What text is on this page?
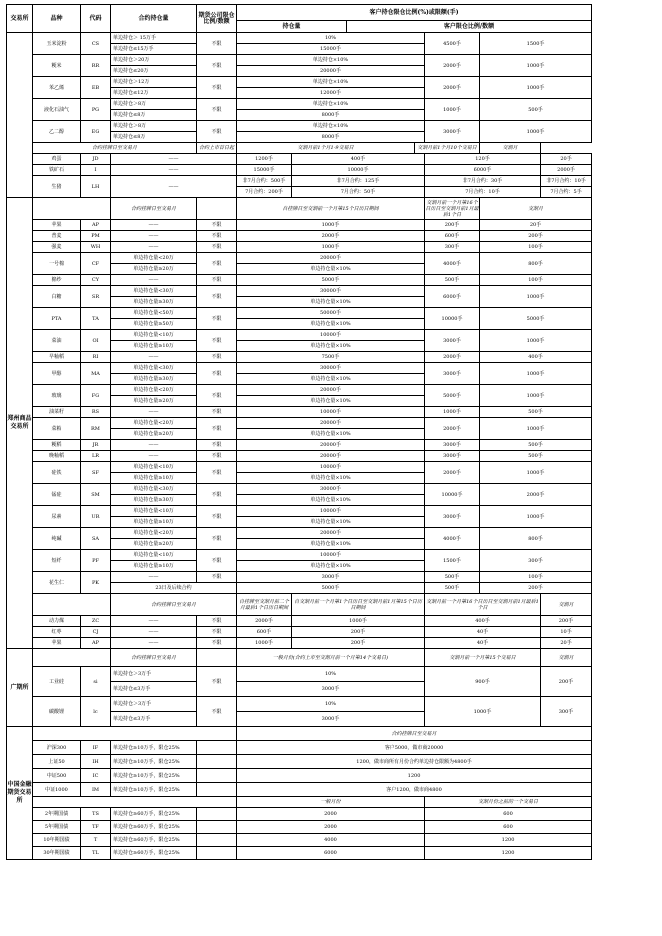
交易所	品种	代码	合约持仓量	期货公司限仓比例/数额	客户持仓限仓比例(%)或限额(手)						
					持仓量		客户限仓比例/数额				
	玉米淀粉	CS	单边持仓＞ 15万手	不限	10%				4500手	1500手	
			单边持仓≤15万手		15000手						
	粳米	RR	单边持仓＞20万	不限	单边持仓×10%				2000手	1000手	
			单边持仓≤20万		20000手						
	苯乙烯	EB	单边持仓＞12万	不限	单边持仓×10%				2000手	1000手	
			单边持仓≤12万		12000手						
	液化石油气	PG	单边持仓＞8万	不限	单边持仓×10%				1000手	500手	
			单边持仓≤8万		8000手						
	乙二醇	EG	单边持仓＞8万	不限	单边持仓×10%				3000手	1000手	
			单边持仓≤8万		8000手						
	合约挂牌日至交易月			合约上市首日起	交割月前1个月1-9交易日			交割月前1个月10个交易日		交割月	
	鸡蛋	JD	——		1200手	400手			120手		20手
	铁矿石	I	——		15000手	10000手			6000手		2000手
	生猪	LH	——		非7月合约：500手	非7月合约：125手			非7月合约：30手		非7月合约：10手
					7月合约：200手	7月合约：50手			7月合约：10手		7月合约：5手
郑州商品交易所			合约挂牌日至交易月		自挂牌日至交割前一个月第15个日历日期间				交割月前一个月第16个日历日至交割月前1月最后1个日	交割月	
	苹果	AP	——	不限	1000手				200手	20手	
	普麦	PM	——	不限	2000手				600手	200手	
	强麦	WH	——	不限	1000手				300手	100手	
	一号棉	CF	单边持仓量<20万	不限	20000手				4000手	800手	
			单边持仓量≥20万		单边持仓量×10%						
	棉纱	CY	——	不限	5000手				500手	100手	
	白糖	SR	单边持仓量<30万	不限	30000手				6000手	1000手	
			单边持仓量≥30万		单边持仓量×10%						
	PTA	TA	单边持仓量<50万	不限	50000手				10000手	5000手	
			单边持仓量≥50万		单边持仓量×10%						
	菜油	OI	单边持仓量<10万	不限	10000手				3000手	1000手	
			单边持仓量≥10万		单边持仓量×10%						
	早籼稻	RI	——	不限	7500手				2000手	400手	
	甲醇	MA	单边持仓量<30万	不限	30000手				3000手	1000手	
			单边持仓量≥30万		单边持仓量×10%						
	玻璃	FG	单边持仓量<20万	不限	20000手				5000手	1000手	
			单边持仓量≥20万		单边持仓量×10%						
	油菜籽	RS	——	不限	10000手				1000手	500手	
	菜粕	RM	单边持仓量<20万	不限	20000手				2000手	1000手	
			单边持仓量≥20万		单边持仓量×10%						
	粳稻	JR	——	不限	20000手				3000手	500手	
	晚籼稻	LR	——	不限	20000手				3000手	500手	
	硅铁	SF	单边持仓量<10万	不限	10000手				2000手	1000手	
			单边持仓量≥10万		单边持仓量×10%						
	锰硅	SM	单边持仓量<30万	不限	30000手				10000手	2000手	
			单边持仓量≥30万		单边持仓量×10%						
	尿素	UR	单边持仓量<10万	不限	10000手				3000手	1000手	
			单边持仓量≥10万		单边持仓量×10%						
	纯碱	SA	单边持仓量<20万	不限	20000手				4000手	800手	
			单边持仓量≥20万		单边持仓量×10%						
	短纤	PF	单边持仓量<10万	不限	10000手				1500手	300手	
			单边持仓量≥10万		单边持仓量×10%						
	花生仁	PK	——	不限	3000手				500手	100手	
			23日及后续合约		5000手				500手	200手	
			合约挂牌日至交易月		自挂牌至交割月前二个月最后1个日历日期间	自交割月前一个月第1个日历日至交割月前1月第15个日历日期间			交割月前一个月第16个日历日至交割月前1月最后1个日		交割月
	动力煤	ZC	——	不限	2000手	1000手			400手		200手
	红枣	CJ	——	不限	600手	200手			40手		10手
	苹果	AP	——	不限	1000手	200手			40手		20手
广期所			合约挂牌日至交易月		一般月份(合约上市至交割月前一个月第14个交易日)				交割月前一个月第15个交易日		交割月
	工业硅	si	单边持仓＞3万手	不限	10%				900手		200手
			单边持仓≤3万手		3000手						
	碳酸锂	lc	单边持仓＞3万手	不限	10%				1000手		300手
			单边持仓≤3万手		3000手						
中国金融期货交易所					合约挂牌日至交易月						
	沪深300	IF	单边持仓≥10万手，限仓25%		客户5000，做市商20000						
	上证50	IH	单边持仓≥10万手，限仓25%		1200，做市商所有月份合约单边持仓限额为4800手						
	中证500	IC	单边持仓≥10万手，限仓25%		1200						
	中证1000	IM	单边持仓≥10万手，限仓25%		客户1200，做市商4800						
					一般月份				交割月份之前的一个交易日		
	2年期国债	TS	单边持仓≥60万手，限仓25%		2000				600		
	5年期国债	TF	单边持仓≥60万手，限仓25%		2000				600		
	10年期国债	T	单边持仓≥60万手，限仓25%		4000				1200		
	30年期国债	TL	单边持仓≥60万手，限仓25%		6000				1200		
